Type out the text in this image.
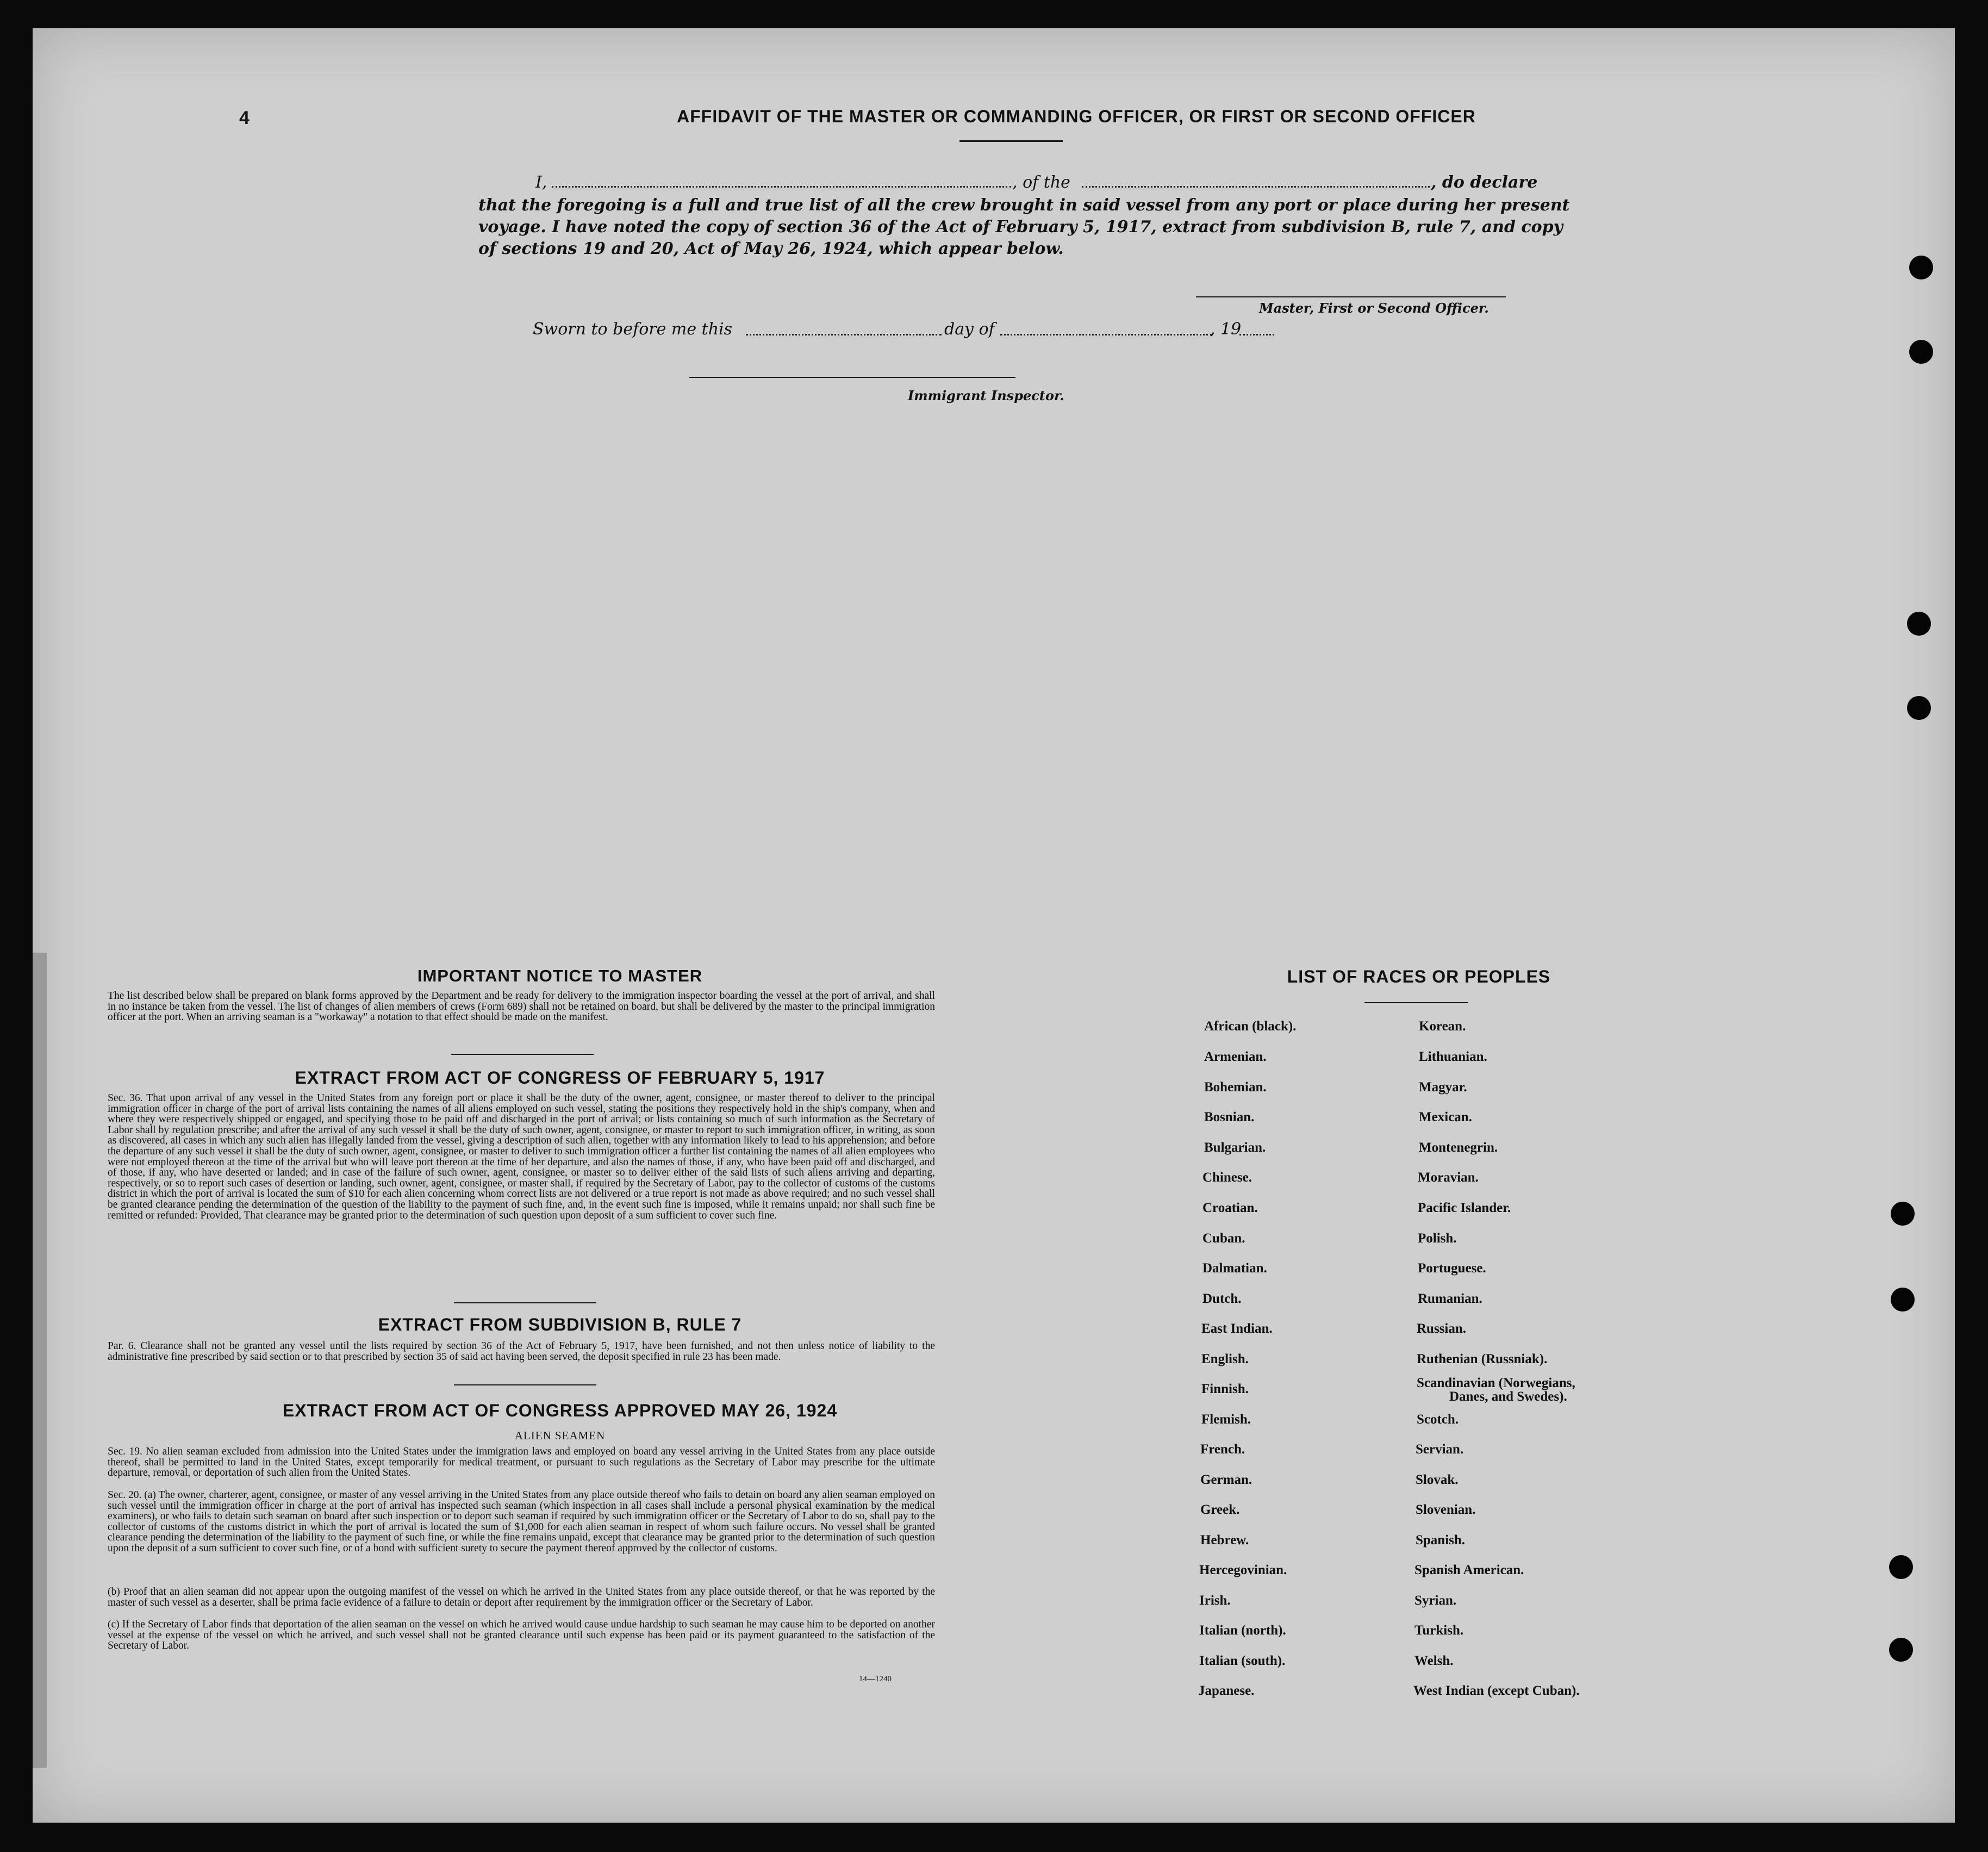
4	AFFIDAVIT OF THE MASTER OR COMMANDING OFFICER, OR FIRST OR SECOND OFFICER
I,	, of the	, do declare
that the foregoing is a full and true list of all the crew brought in said vessel from any port or place during her present
voyage. I have noted the copy of section 36 of the Act of February 5, 1917, extract from subdivision B, rule 7, and copy
of sections 19 and 20, Act of May 26, 1924, which appear below.
Master, First or Second Officer.
Sworn to before me this	day of	, 19
Immigrant Inspector.
IMPORTANT NOTICE TO MASTER
The list described below shall be prepared on blank forms approved by the Department and be ready for delivery to the immigration inspector boarding the vessel at the port of arrival, and shall in no instance be taken from the vessel. The list of changes of alien members of crews (Form 689) shall not be retained on board, but shall be delivered by the master to the principal immigration officer at the port. When an arriving seaman is a "workaway" a notation to that effect should be made on the manifest.
EXTRACT FROM ACT OF CONGRESS OF FEBRUARY 5, 1917
Sec. 36. That upon arrival of any vessel in the United States from any foreign port or place it shall be the duty of the owner, agent, consignee, or master thereof to deliver to the principal immigration officer in charge of the port of arrival lists containing the names of all aliens employed on such vessel, stating the positions they respectively hold in the ship's company, when and where they were respectively shipped or engaged, and specifying those to be paid off and discharged in the port of arrival; or lists containing so much of such information as the Secretary of Labor shall by regulation prescribe; and after the arrival of any such vessel it shall be the duty of such owner, agent, consignee, or master to report to such immigration officer, in writing, as soon as discovered, all cases in which any such alien has illegally landed from the vessel, giving a description of such alien, together with any information likely to lead to his apprehension; and before the departure of any such vessel it shall be the duty of such owner, agent, consignee, or master to deliver to such immigration officer a further list containing the names of all alien employees who were not employed thereon at the time of the arrival but who will leave port thereon at the time of her departure, and also the names of those, if any, who have been paid off and discharged, and of those, if any, who have deserted or landed; and in case of the failure of such owner, agent, consignee, or master so to deliver either of the said lists of such aliens arriving and departing, respectively, or so to report such cases of desertion or landing, such owner, agent, consignee, or master shall, if required by the Secretary of Labor, pay to the collector of customs of the customs district in which the port of arrival is located the sum of $10 for each alien concerning whom correct lists are not delivered or a true report is not made as above required; and no such vessel shall be granted clearance pending the determination of the question of the liability to the payment of such fine, and, in the event such fine is imposed, while it remains unpaid; nor shall such fine be remitted or refunded: Provided, That clearance may be granted prior to the determination of such question upon deposit of a sum sufficient to cover such fine.
EXTRACT FROM SUBDIVISION B, RULE 7
Par. 6. Clearance shall not be granted any vessel until the lists required by section 36 of the Act of February 5, 1917, have been furnished, and not then unless notice of liability to the administrative fine prescribed by said section or to that prescribed by section 35 of said act having been served, the deposit specified in rule 23 has been made.
EXTRACT FROM ACT OF CONGRESS APPROVED MAY 26, 1924
ALIEN SEAMEN
Sec. 19. No alien seaman excluded from admission into the United States under the immigration laws and employed on board any vessel arriving in the United States from any place outside thereof, shall be permitted to land in the United States, except temporarily for medical treatment, or pursuant to such regulations as the Secretary of Labor may prescribe for the ultimate departure, removal, or deportation of such alien from the United States.
Sec. 20. (a) The owner, charterer, agent, consignee, or master of any vessel arriving in the United States from any place outside thereof who fails to detain on board any alien seaman employed on such vessel until the immigration officer in charge at the port of arrival has inspected such seaman (which inspection in all cases shall include a personal physical examination by the medical examiners), or who fails to detain such seaman on board after such inspection or to deport such seaman if required by such immigration officer or the Secretary of Labor to do so, shall pay to the collector of customs of the customs district in which the port of arrival is located the sum of $1,000 for each alien seaman in respect of whom such failure occurs. No vessel shall be granted clearance pending the determination of the liability to the payment of such fine, or while the fine remains unpaid, except that clearance may be granted prior to the determination of such question upon the deposit of a sum sufficient to cover such fine, or of a bond with sufficient surety to secure the payment thereof approved by the collector of customs.
(b) Proof that an alien seaman did not appear upon the outgoing manifest of the vessel on which he arrived in the United States from any place outside thereof, or that he was reported by the master of such vessel as a deserter, shall be prima facie evidence of a failure to detain or deport after requirement by the immigration officer or the Secretary of Labor.
(c) If the Secretary of Labor finds that deportation of the alien seaman on the vessel on which he arrived would cause undue hardship to such seaman he may cause him to be deported on another vessel at the expense of the vessel on which he arrived, and such vessel shall not be granted clearance until such expense has been paid or its payment guaranteed to the satisfaction of the Secretary of Labor.
14—1240
LIST OF RACES OR PEOPLES
African (black).
Armenian.
Bohemian.
Bosnian.
Bulgarian.
Chinese.
Croatian.
Cuban.
Dalmatian.
Dutch.
East Indian.
English.
Finnish.
Flemish.
French.
German.
Greek.
Hebrew.
Hercegovinian.
Irish.
Italian (north).
Italian (south).
Japanese.
Korean.
Lithuanian.
Magyar.
Mexican.
Montenegrin.
Moravian.
Pacific Islander.
Polish.
Portuguese.
Rumanian.
Russian.
Ruthenian (Russniak).
Scandinavian (Norwegians,
Danes, and Swedes).
Scotch.
Servian.
Slovak.
Slovenian.
Spanish.
Spanish American.
Syrian.
Turkish.
Welsh.
West Indian (except Cuban).
